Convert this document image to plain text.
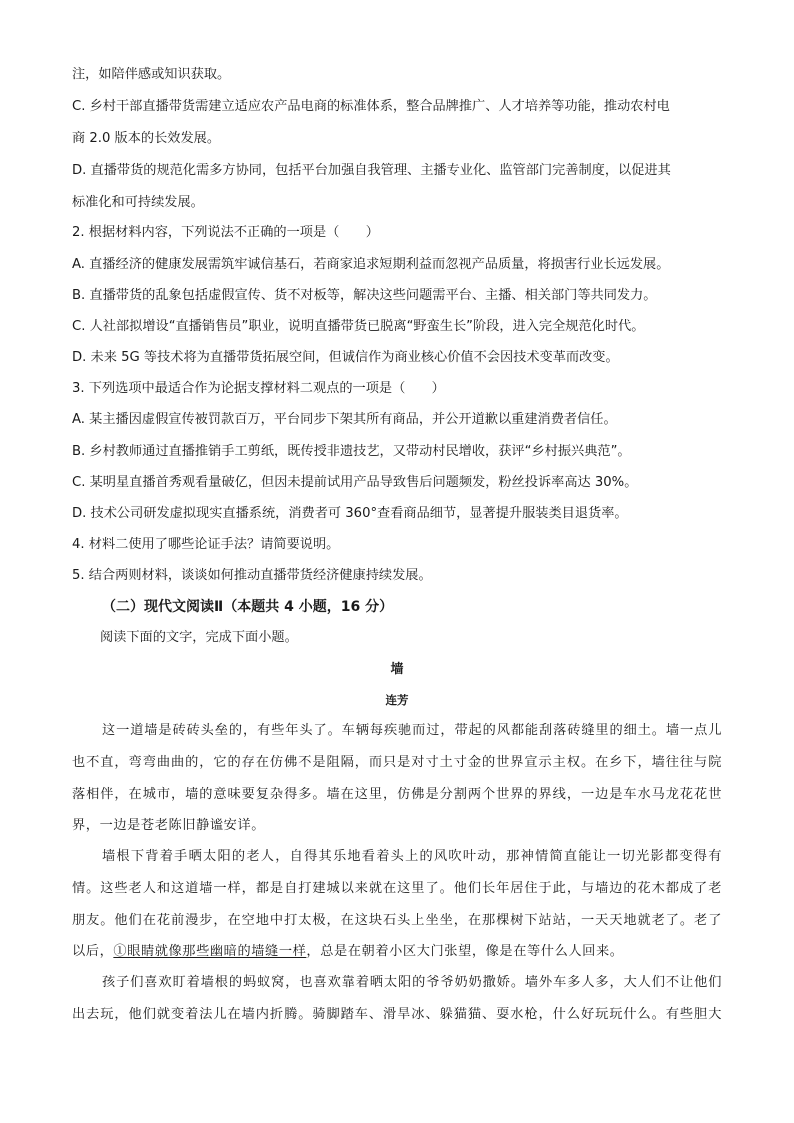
注，如陪伴感或知识获取。
C. 乡村干部直播带货需建立适应农产品电商的标准体系，整合品牌推广、人才培养等功能，推动农村电
商 2.0 版本的长效发展。
D. 直播带货的规范化需多方协同，包括平台加强自我管理、主播专业化、监管部门完善制度，以促进其
标准化和可持续发展。
2. 根据材料内容，下列说法不正确的一项是（　　）
A. 直播经济的健康发展需筑牢诚信基石，若商家追求短期利益而忽视产品质量，将损害行业长远发展。
B. 直播带货的乱象包括虚假宣传、货不对板等，解决这些问题需平台、主播、相关部门等共同发力。
C. 人社部拟增设“直播销售员”职业，说明直播带货已脱离“野蛮生长”阶段，进入完全规范化时代。
D. 未来 5G 等技术将为直播带货拓展空间，但诚信作为商业核心价值不会因技术变革而改变。
3. 下列选项中最适合作为论据支撑材料二观点的一项是（　　）
A. 某主播因虚假宣传被罚款百万，平台同步下架其所有商品，并公开道歉以重建消费者信任。
B. 乡村教师通过直播推销手工剪纸，既传授非遗技艺，又带动村民增收，获评“乡村振兴典范”。
C. 某明星直播首秀观看量破亿，但因未提前试用产品导致售后问题频发，粉丝投诉率高达 30%。
D. 技术公司研发虚拟现实直播系统，消费者可 360°查看商品细节，显著提升服装类目退货率。
4. 材料二使用了哪些论证手法？请简要说明。
5. 结合两则材料，谈谈如何推动直播带货经济健康持续发展。
（二）现代文阅读Ⅱ（本题共 4 小题，16 分）
阅读下面的文字，完成下面小题。
墙
连芳
这一道墙是砖砖头垒的，有些年头了。车辆每疾驰而过，带起的风都能刮落砖缝里的细土。墙一点儿
也不直，弯弯曲曲的，它的存在仿佛不是阻隔，而只是对寸土寸金的世界宣示主权。在乡下，墙往往与院
落相伴，在城市，墙的意味要复杂得多。墙在这里，仿佛是分割两个世界的界线，一边是车水马龙花花世
界，一边是苍老陈旧静谧安详。
墙根下背着手晒太阳的老人，自得其乐地看着头上的风吹叶动，那神情简直能让一切光影都变得有
情。这些老人和这道墙一样，都是自打建城以来就在这里了。他们长年居住于此，与墙边的花木都成了老
朋友。他们在花前漫步，在空地中打太极，在这块石头上坐坐，在那棵树下站站，一天天地就老了。老了
以后，①眼睛就像那些幽暗的墙缝一样，总是在朝着小区大门张望，像是在等什么人回来。
孩子们喜欢盯着墙根的蚂蚁窝，也喜欢靠着晒太阳的爷爷奶奶撒娇。墙外车多人多，大人们不让他们
出去玩，他们就变着法儿在墙内折腾。骑脚踏车、滑旱冰、躲猫猫、耍水枪，什么好玩玩什么。有些胆大
